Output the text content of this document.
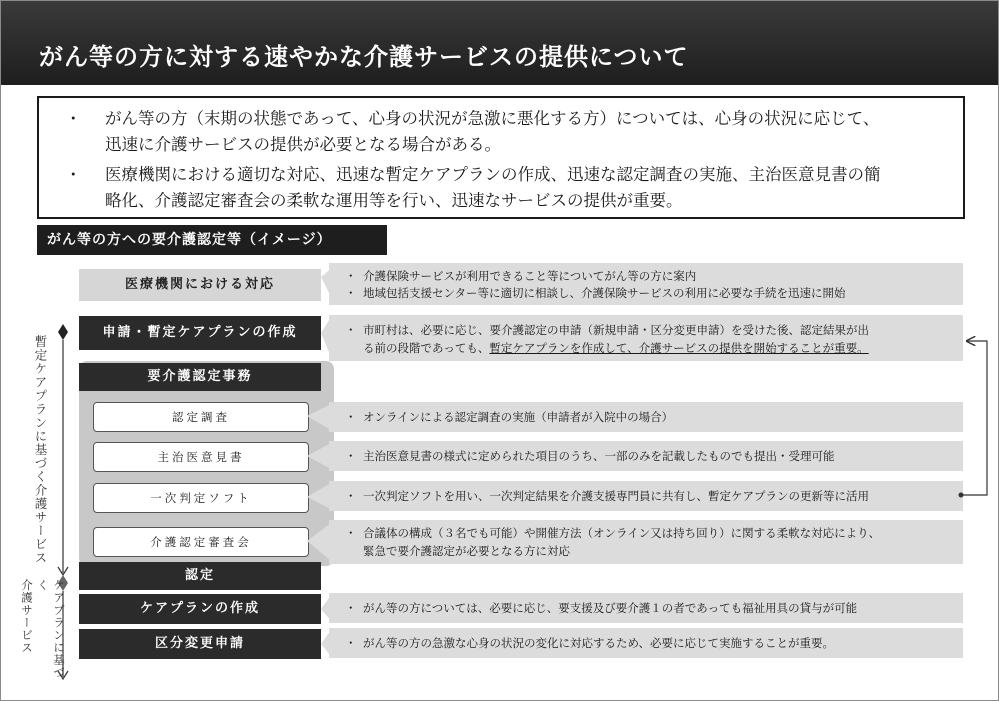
がん等の方に対する速やかな介護サービスの提供について
・ がん等の方（末期の状態であって、心身の状況が急激に悪化する方）については、心身の状況に応じて、
迅速に介護サービスの提供が必要となる場合がある。
・ 医療機関における適切な対応、迅速な暫定ケアプランの作成、迅速な認定調査の実施、主治医意見書の簡
略化、介護認定審査会の柔軟な運用等を行い、迅速なサービスの提供が重要。
がん等の方への要介護認定等（イメージ）
医療機関における対応
申請・暫定ケアプランの作成
要介護認定事務
認定調査
主治医意見書
一次判定ソフト
介護認定審査会
認定
ケアプランの作成
区分変更申請
・ 介護保険サービスが利用できること等についてがん等の方に案内
・ 地域包括支援センター等に適切に相談し、介護保険サービスの利用に必要な手続を迅速に開始
・ 市町村は、必要に応じ、要介護認定の申請（新規申請・区分変更申請）を受けた後、認定結果が出
る前の段階であっても、暫定ケアプランを作成して、介護サービスの提供を開始することが重要。
・ オンラインによる認定調査の実施（申請者が入院中の場合）
・ 主治医意見書の様式に定められた項目のうち、一部のみを記載したものでも提出・受理可能
・ 一次判定ソフトを用い、一次判定結果を介護支援専門員に共有し、暫定ケアプランの更新等に活用
・ 合議体の構成（３名でも可能）や開催方法（オンライン又は持ち回り）に関する柔軟な対応により、
緊急で要介護認定が必要となる方に対応
・ がん等の方については、必要に応じ、要支援及び要介護１の者であっても福祉用具の貸与が可能
・ がん等の方の急激な心身の状況の変化に対応するため、必要に応じて実施することが重要。
暫定ケアプランに基づく介護サービス
ケアプランに基づく
介護サービス
